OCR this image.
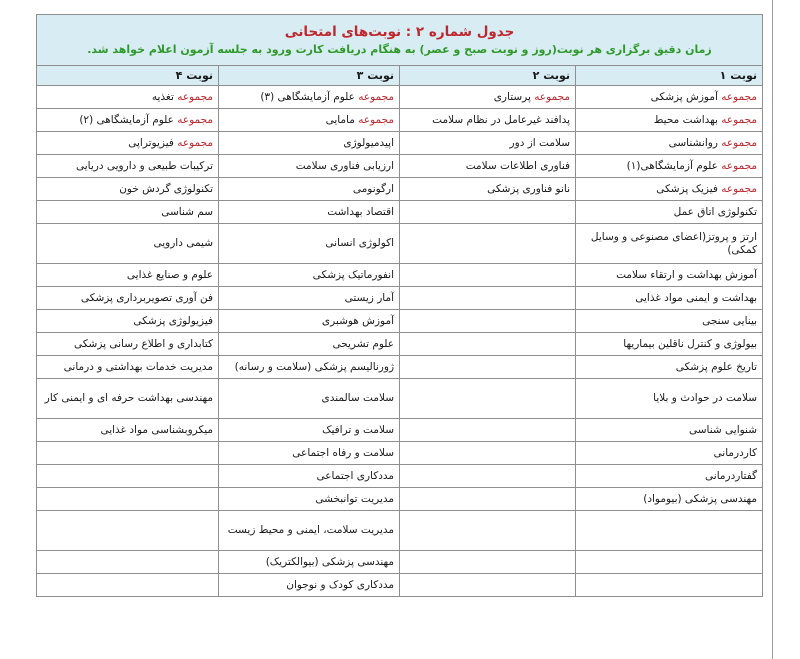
جدول شماره ۲ : نوبت‌های امتحانی
زمان دقیق برگزاری هر نوبت(روز و نوبت صبح و عصر) به هنگام دریافت کارت ورود به جلسه آزمون اعلام خواهد شد.			

نوبت ۱	نوبت ۲	نوبت ۳	نوبت ۴
مجموعه آموزش پزشکی	مجموعه پرستاری	مجموعه علوم آزمایشگاهی (۳)	مجموعه تغذیه
مجموعه بهداشت محیط	پدافند غیرعامل در نظام سلامت	مجموعه مامایی	مجموعه علوم آزمایشگاهی (۲)
مجموعه روانشناسی	سلامت از دور	اپیدمیولوژی	مجموعه فیزیوتراپی
مجموعه علوم آزمایشگاهی(۱)	فناوری اطلاعات سلامت	ارزیابی فناوری سلامت	ترکیبات طبیعی و دارویی دریایی
مجموعه فیزیک پزشکی	نانو فناوری پزشکی	ارگونومی	تکنولوژی گردش خون
تکنولوژی اتاق عمل		اقتصاد بهداشت	سم شناسی
ارتز و پروتز(اعضای مصنوعی و وسایل کمکی)		اکولوژی انسانی	شیمی دارویی
آموزش بهداشت و ارتقاء سلامت		انفورماتیک پزشکی	علوم و صنایع غذایی
بهداشت و ایمنی مواد غذایی		آمار زیستی	فن آوری تصویربرداری پزشکی
بینایی سنجی		آموزش هوشبری	فیزیولوژی پزشکی
بیولوژی و کنترل ناقلین بیماریها		علوم تشریحی	کتابداری و اطلاع رسانی پزشکی
تاریخ علوم پزشکی		ژورنالیسم پزشکی (سلامت و رسانه)	مدیریت خدمات بهداشتی و درمانی
سلامت در حوادث و بلایا		سلامت سالمندی	مهندسی بهداشت حرفه ای و ایمنی کار
شنوایی شناسی		سلامت و ترافیک	میکروبشناسی مواد غذایی
کاردرمانی		سلامت و رفاه اجتماعی	
گفتاردرمانی		مددکاری اجتماعی	
مهندسی پزشکی (بیومواد)		مدیریت توانبخشی	
		مدیریت سلامت، ایمنی و محیط زیست	
		مهندسی پزشکی (بیوالکتریک)	
		مددکاری کودک و نوجوان	
